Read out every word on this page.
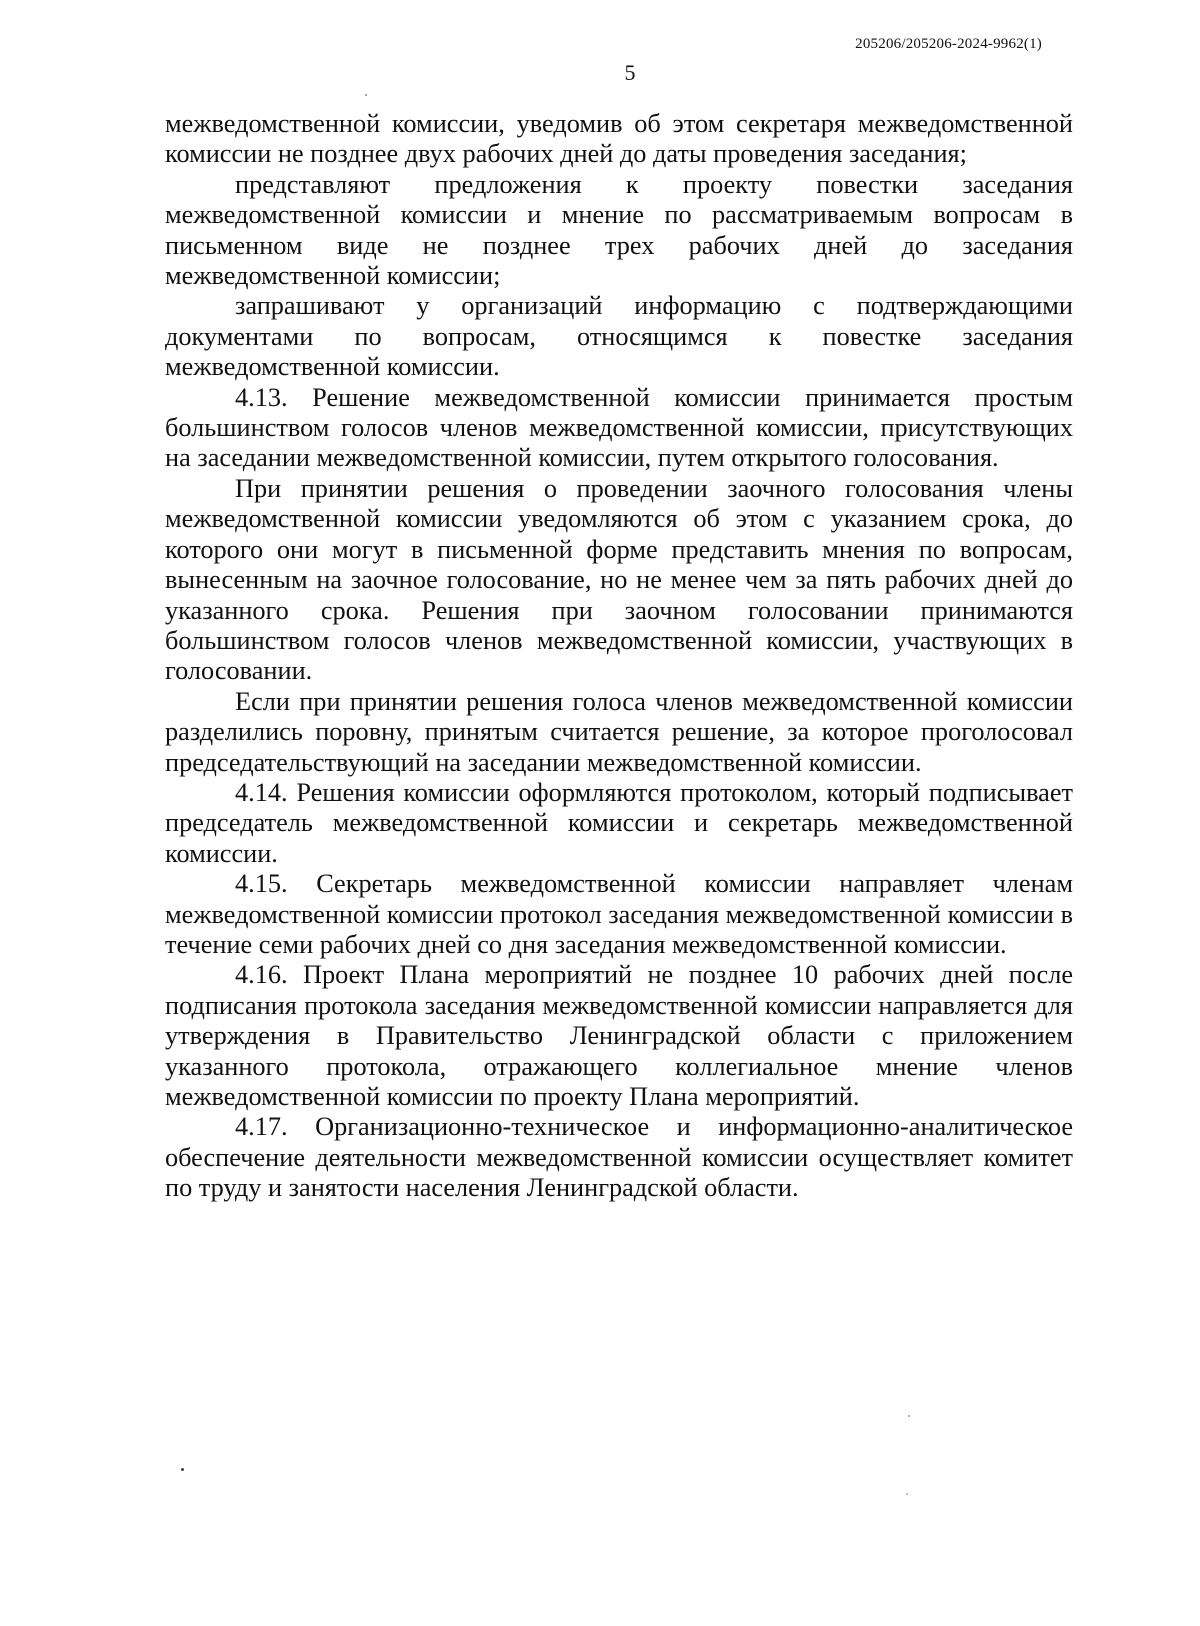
205206/205206-2024-9962(1)
5

межведомственной комиссии, уведомив об этом секретаря межведомственной комиссии не позднее двух рабочих дней до даты проведения заседания;

представляют предложения к проекту повестки заседания межведомственной комиссии и мнение по рассматриваемым вопросам в письменном виде не позднее трех рабочих дней до заседания межведомственной комиссии;

запрашивают у организаций информацию с подтверждающими документами по вопросам, относящимся к повестке заседания межведомственной комиссии.

4.13. Решение межведомственной комиссии принимается простым большинством голосов членов межведомственной комиссии, присутствующих на заседании межведомственной комиссии, путем открытого голосования.

При принятии решения о проведении заочного голосования члены межведомственной комиссии уведомляются об этом с указанием срока, до которого они могут в письменной форме представить мнения по вопросам, вынесенным на заочное голосование, но не менее чем за пять рабочих дней до указанного срока. Решения при заочном голосовании принимаются большинством голосов членов межведомственной комиссии, участвующих в голосовании.

Если при принятии решения голоса членов межведомственной комиссии разделились поровну, принятым считается решение, за которое проголосовал председательствующий на заседании межведомственной комиссии.

4.14. Решения комиссии оформляются протоколом, который подписывает председатель межведомственной комиссии и секретарь межведомственной комиссии.

4.15. Секретарь межведомственной комиссии направляет членам межведомственной комиссии протокол заседания межведомственной комиссии в течение семи рабочих дней со дня заседания межведомственной комиссии.

4.16. Проект Плана мероприятий не позднее 10 рабочих дней после подписания протокола заседания межведомственной комиссии направляется для утверждения в Правительство Ленинградской области с приложением указанного протокола, отражающего коллегиальное мнение членов межведомственной комиссии по проекту Плана мероприятий.

4.17. Организационно-техническое и информационно-аналитическое обеспечение деятельности межведомственной комиссии осуществляет комитет по труду и занятости населения Ленинградской области.
